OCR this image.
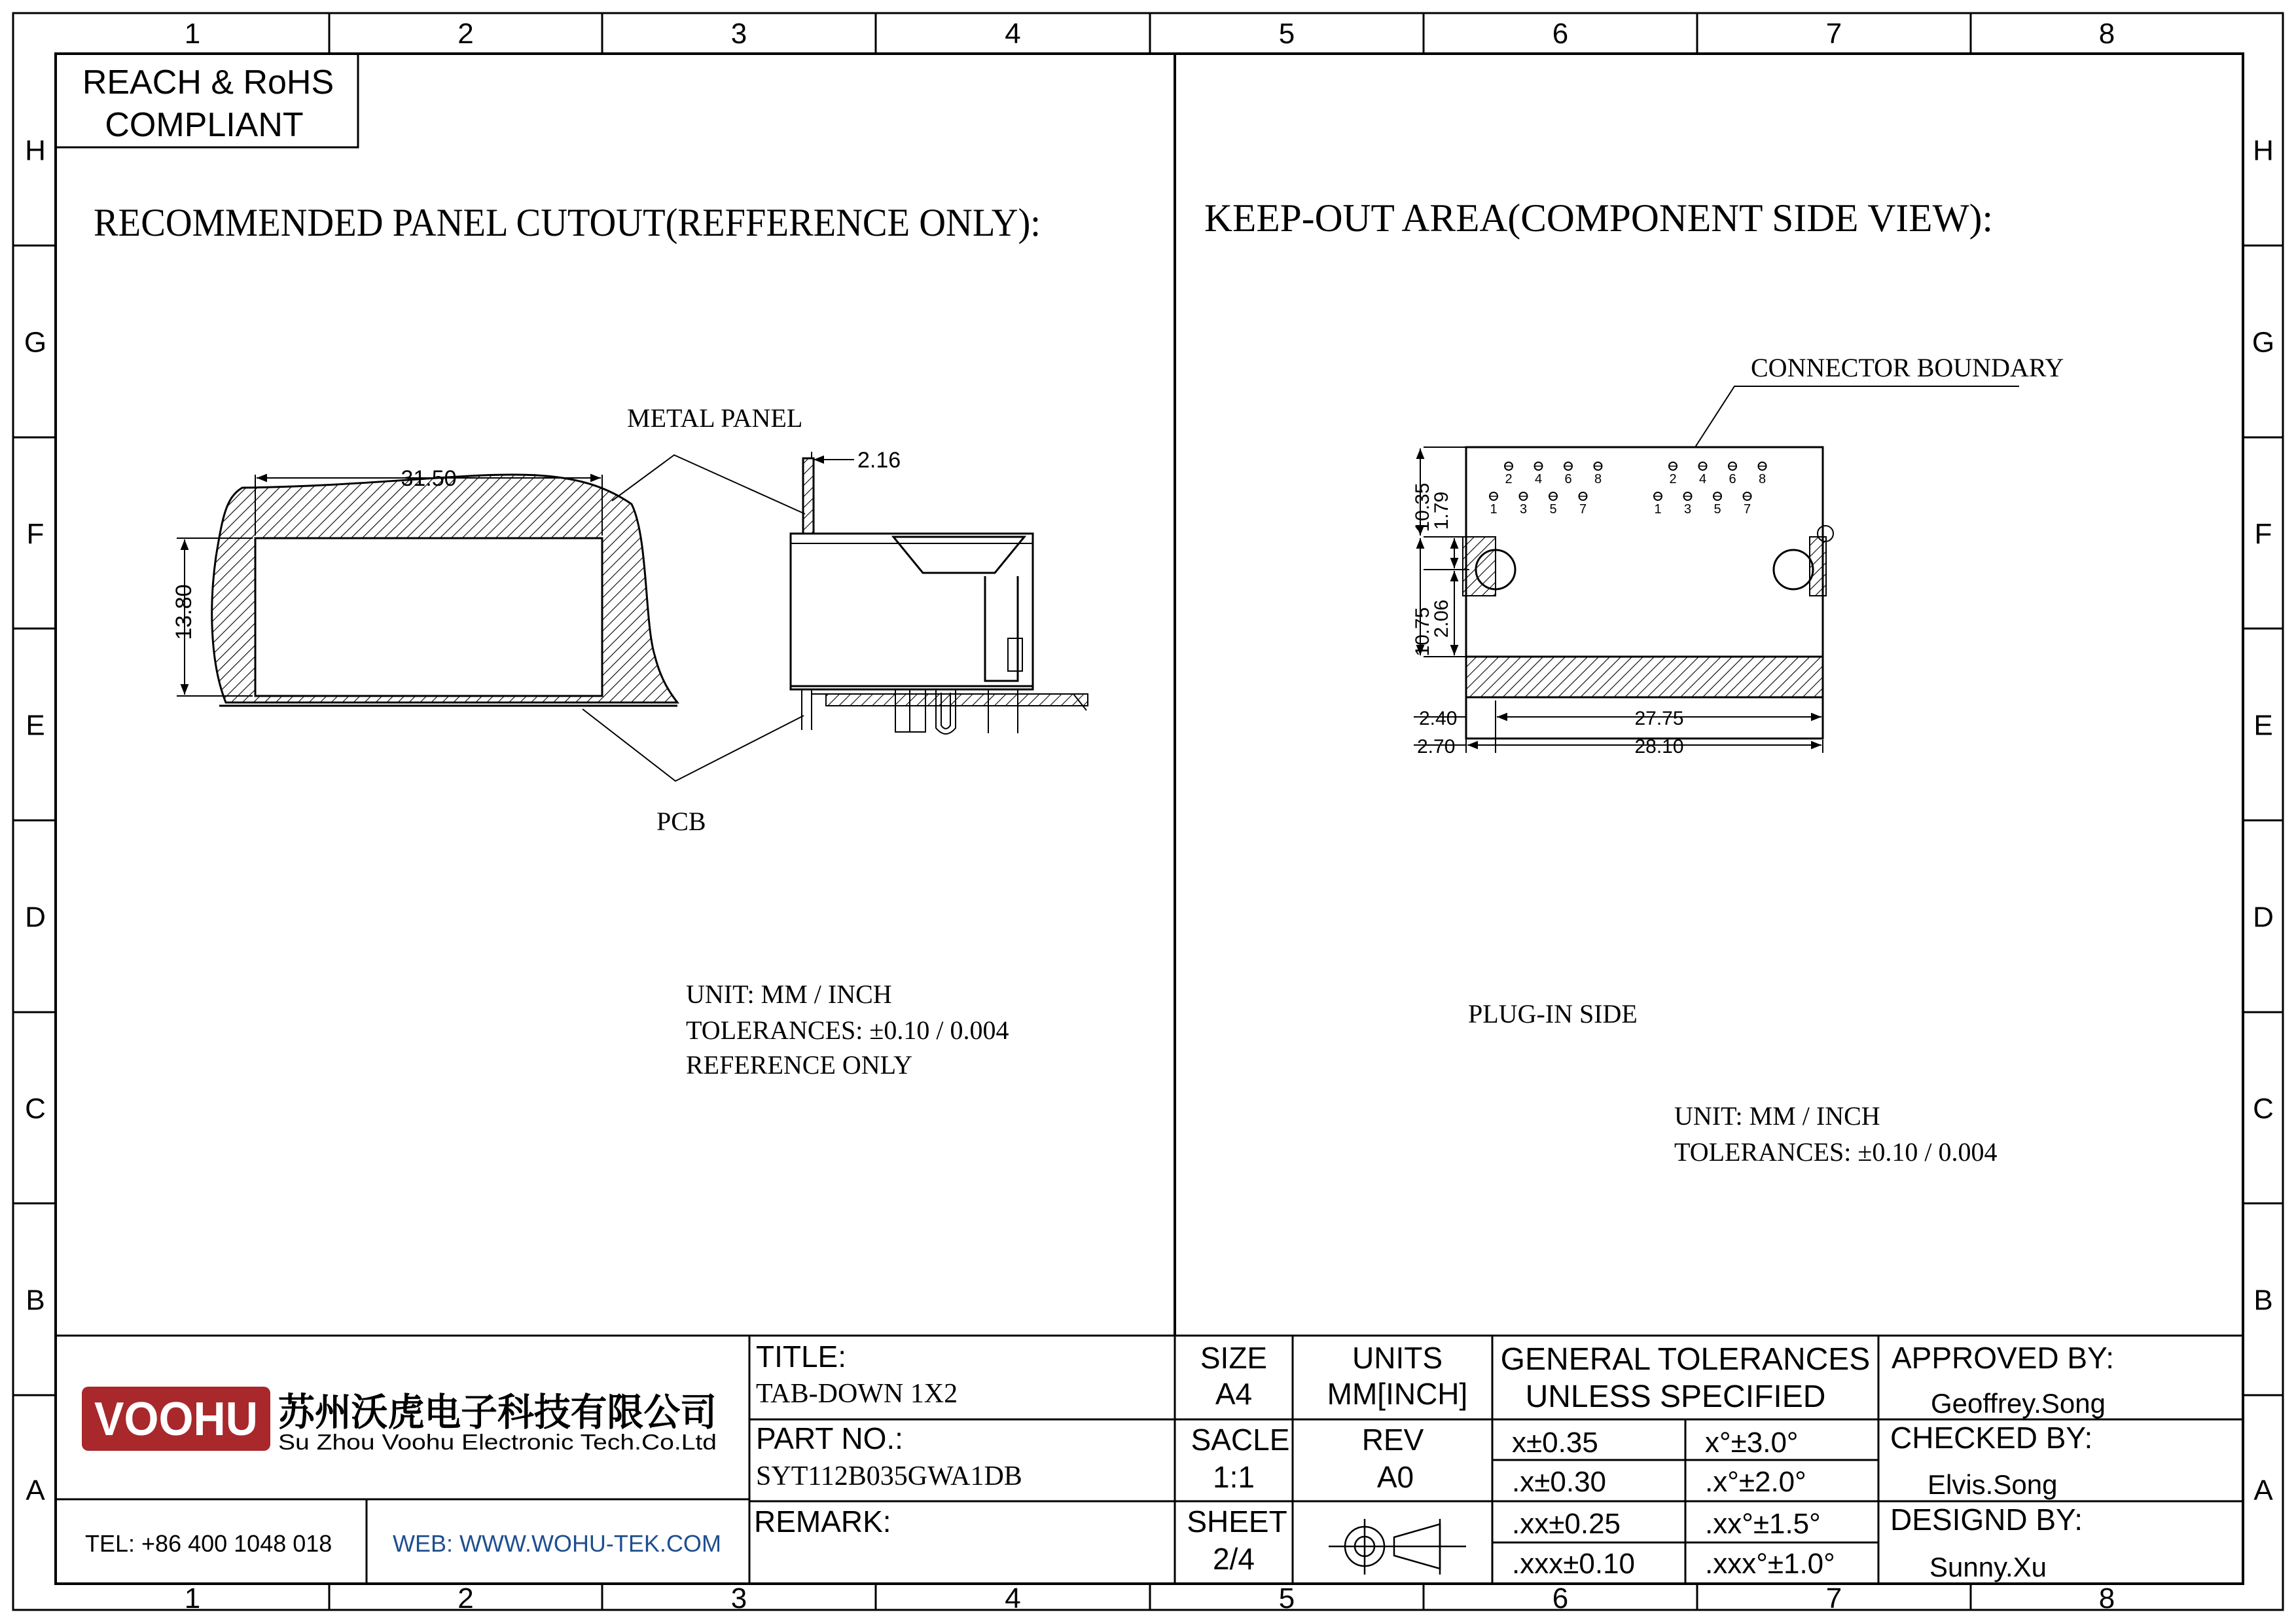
1
1
2
2
3
3
4
4
5
5
6
6
7
7
8
8
H	H
G	G
F	F
E	E
D	D
C	C
B	B
A	A
REACH & RoHS
COMPLIANT
RECOMMENDED PANEL CUTOUT(REFFERENCE ONLY):
31.50
13.80
METAL PANEL
PCB
2.16
UNIT: MM / INCH
TOLERANCES: ±0.10 / 0.004
REFERENCE ONLY
KEEP-OUT AREA(COMPONENT SIDE VIEW):
CONNECTOR BOUNDARY
2 4 6 8
1 3 5 7
2 4 6 8
1 3 5 7
10.35
1.79
10.75
2.06
2.40
2.70
27.75
28.10
PLUG-IN SIDE
UNIT: MM / INCH
TOLERANCES: ±0.10 / 0.004
VOOHU 苏州沃虎电子科技有限公司
Su Zhou Voohu Electronic Tech.Co.Ltd
TEL: +86 400 1048 018	WEB: WWW.WOHU-TEK.COM
TITLE:
TAB-DOWN 1X2
PART NO.:
SYT112B035GWA1DB
REMARK:
SIZE
A4
UNITS
MM[INCH]
SACLE
1:1
REV
A0
SHEET
2/4
GENERAL TOLERANCES
UNLESS SPECIFIED
x±0.35	x°±3.0°
.x±0.30	.x°±2.0°
.xx±0.25	.xx°±1.5°
.xxx±0.10 .xxx°±1.0°
APPROVED BY:
Geoffrey.Song
CHECKED BY:
Elvis.Song
DESIGND BY:
Sunny.Xu
